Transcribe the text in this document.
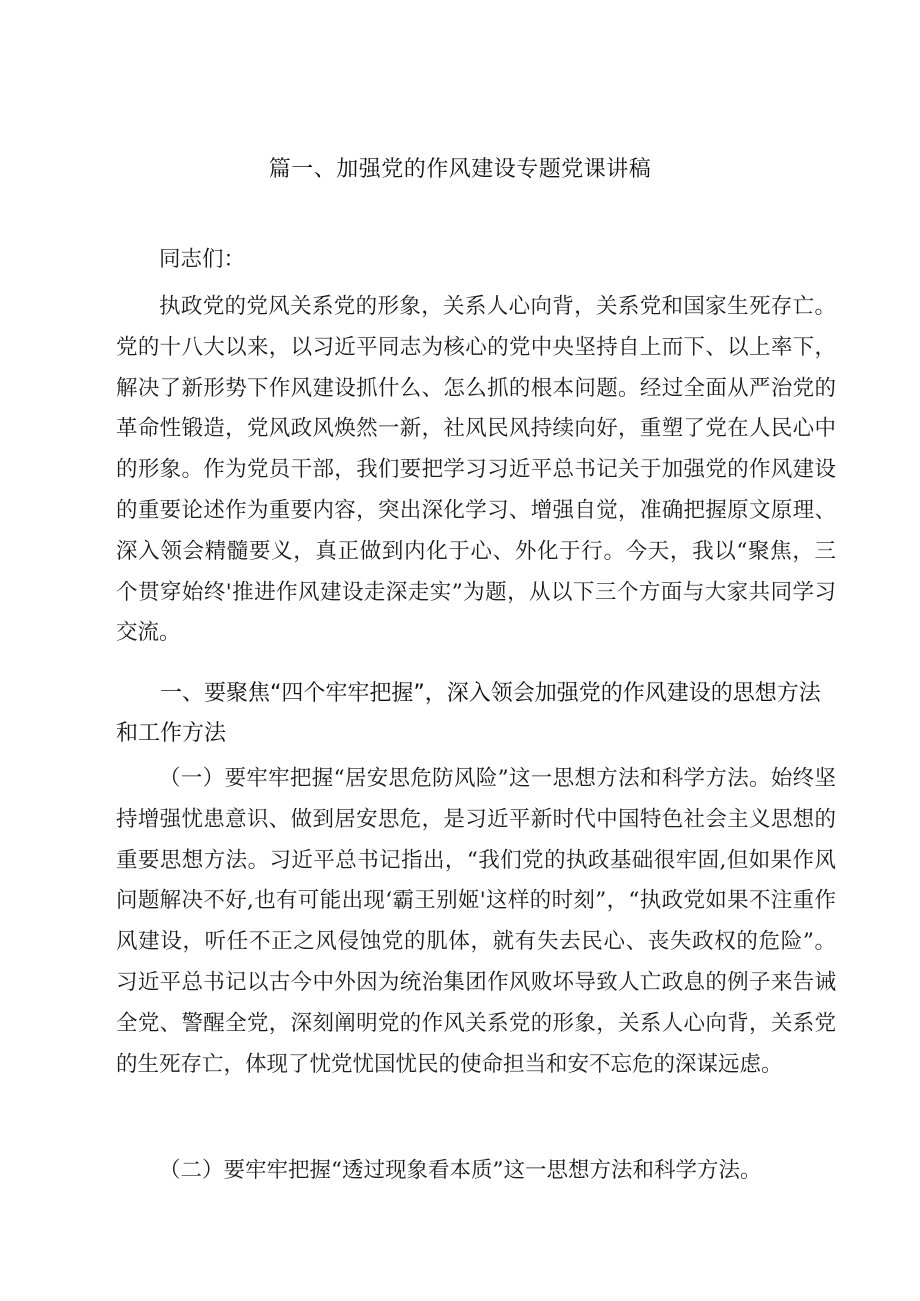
篇一、加强党的作风建设专题党课讲稿

同志们：

执政党的党风关系党的形象，关系人心向背，关系党和国家生死存亡。党的十八大以来，以习近平同志为核心的党中央坚持自上而下、以上率下，解决了新形势下作风建设抓什么、怎么抓的根本问题。经过全面从严治党的革命性锻造，党风政风焕然一新，社风民风持续向好，重塑了党在人民心中的形象。作为党员干部，我们要把学习习近平总书记关于加强党的作风建设的重要论述作为重要内容，突出深化学习、增强自觉，准确把握原文原理、深入领会精髓要义，真正做到内化于心、外化于行。今天，我以“聚焦，三个贯穿始终'推进作风建设走深走实”为题，从以下三个方面与大家共同学习交流。

一、要聚焦“四个牢牢把握”，深入领会加强党的作风建设的思想方法和工作方法

（一）要牢牢把握“居安思危防风险”这一思想方法和科学方法。始终坚持增强忧患意识、做到居安思危，是习近平新时代中国特色社会主义思想的重要思想方法。习近平总书记指出，“我们党的执政基础很牢固,但如果作风问题解决不好,也有可能出现‘霸王别姬'这样的时刻”，“执政党如果不注重作风建设，听任不正之风侵蚀党的肌体，就有失去民心、丧失政权的危险”。习近平总书记以古今中外因为统治集团作风败坏导致人亡政息的例子来告诫全党、警醒全党，深刻阐明党的作风关系党的形象，关系人心向背，关系党的生死存亡，体现了忧党忧国忧民的使命担当和安不忘危的深谋远虑。

（二）要牢牢把握“透过现象看本质”这一思想方法和科学方法。
